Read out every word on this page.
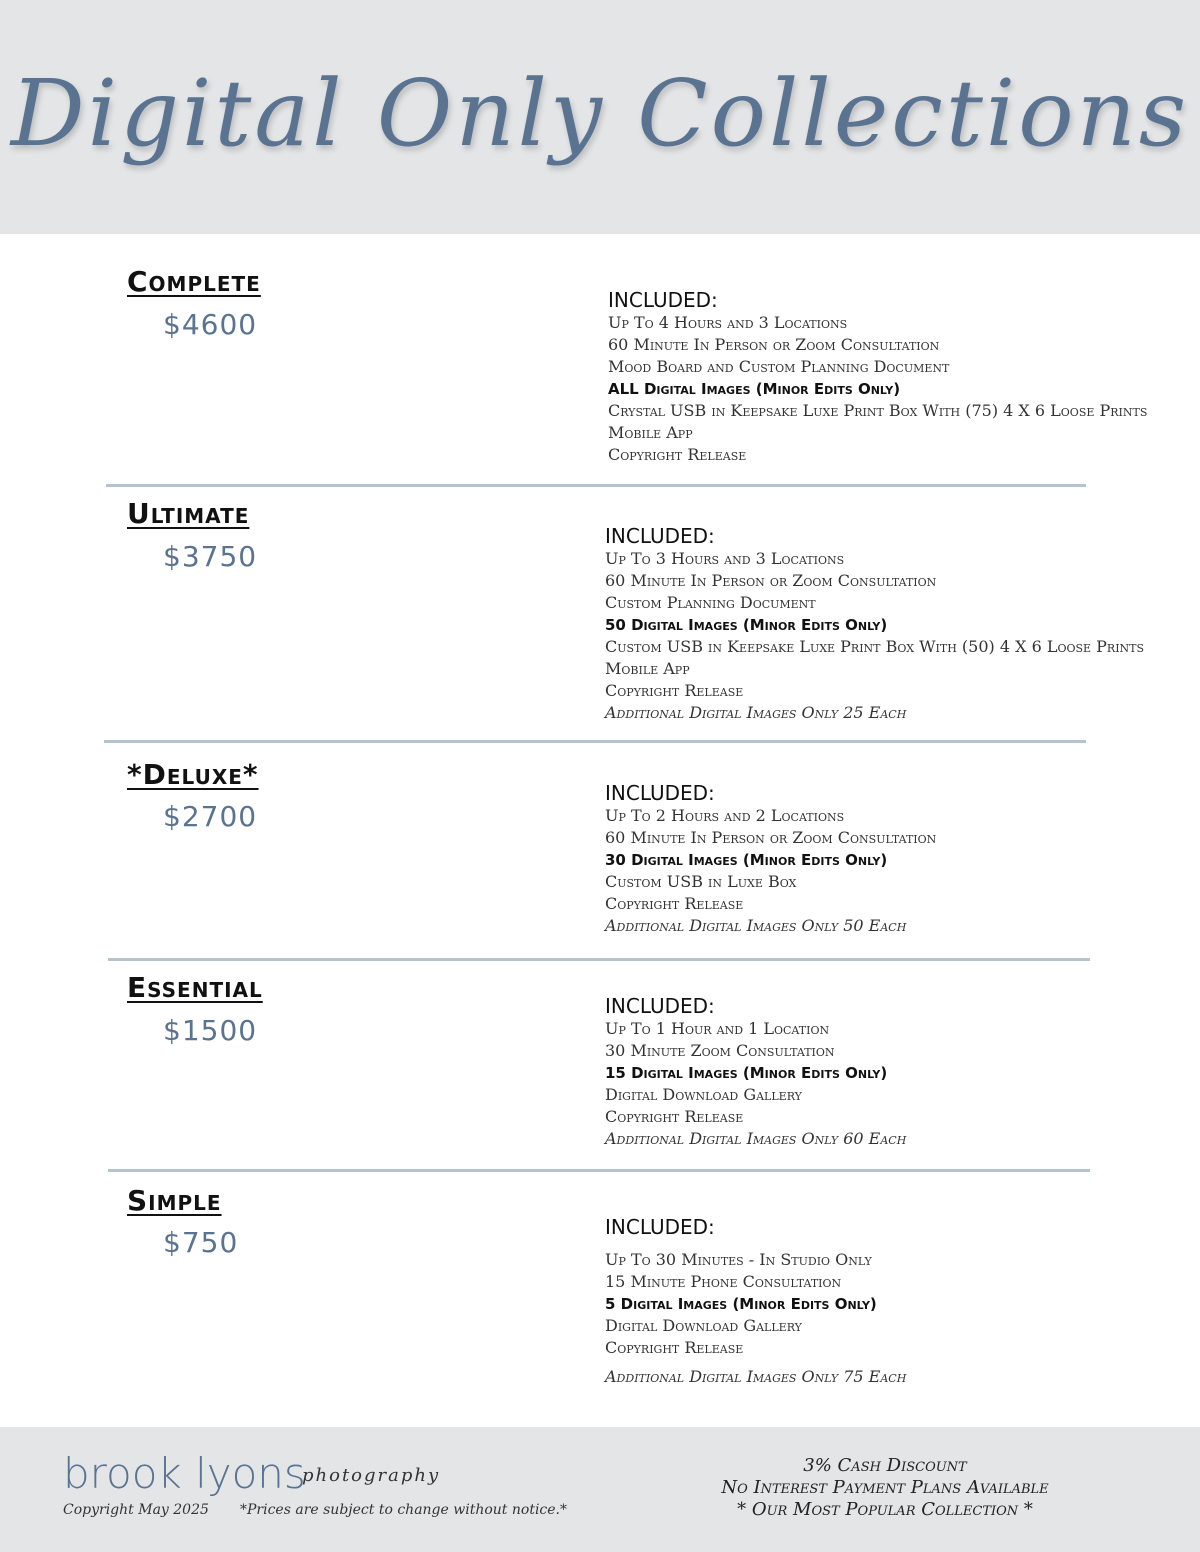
Digital Only Collections
Complete
$4600
INCLUDED:
Up To 4 Hours and 3 Locations
60 Minute In Person or Zoom Consultation
Mood Board and Custom Planning Document
ALL Digital Images (Minor Edits Only)
Crystal USB in Keepsake Luxe Print Box With (75) 4 X 6 Loose Prints
Mobile App
Copyright Release
Ultimate
$3750
INCLUDED:
Up To 3 Hours and 3 Locations
60 Minute In Person or Zoom Consultation
Custom Planning Document
50 Digital Images (Minor Edits Only)
Custom USB in Keepsake Luxe Print Box With (50) 4 X 6 Loose Prints
Mobile App
Copyright Release
Additional Digital Images Only 25 Each
*Deluxe*
$2700
INCLUDED:
Up To 2 Hours and 2 Locations
60 Minute In Person or Zoom Consultation
30 Digital Images (Minor Edits Only)
Custom USB in Luxe Box
Copyright Release
Additional Digital Images Only 50 Each
Essential
$1500
INCLUDED:
Up To 1 Hour and 1 Location
30 Minute Zoom Consultation
15 Digital Images (Minor Edits Only)
Digital Download Gallery
Copyright Release
Additional Digital Images Only 60 Each
Simple
$750	INCLUDED:
Up To 30 Minutes - In Studio Only
15 Minute Phone Consultation
5 Digital Images (Minor Edits Only)
Digital Download Gallery
Copyright Release
Additional Digital Images Only 75 Each
brook lyons
photography
Copyright May 2025 *Prices are subject to change without notice.*
3% Cash Discount
No Interest Payment Plans Available
* Our Most Popular Collection *
